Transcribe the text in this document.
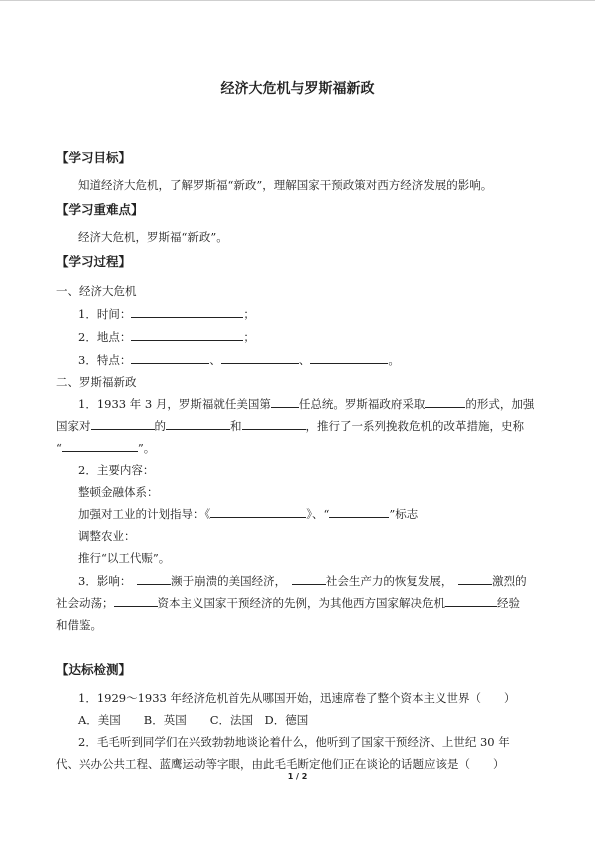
经济大危机与罗斯福新政
【学习目标】
知道经济大危机，了解罗斯福“新政”，理解国家干预政策对西方经济发展的影响。
【学习重难点】
经济大危机，罗斯福“新政”。
【学习过程】
一、经济大危机
1．时间：	；
2．地点：	；
3．特点：	、	、	。
二、罗斯福新政
1．1933 年 3 月，罗斯福就任美国第 任总统。罗斯福政府采取	的形式，加强
国家对	的	和	，推行了一系列挽救危机的改革措施，史称
“	”。
2．主要内容：
整顿金融体系：
加强对工业的计划指导：《	》、“	”标志
调整农业：
推行“以工代赈”。
3．影响：　	濒于崩溃的美国经济，　	社会生产力的恢复发展，　	激烈的
社会动荡；	资本主义国家干预经济的先例，为其他西方国家解决危机	经验
和借鉴。
【达标检测】
1．1929～1933 年经济危机首先从哪国开始，迅速席卷了整个资本主义世界（　　）
A．美国　　B．英国　　C．法国　D．德国
2．毛毛听到同学们在兴致勃勃地谈论着什么，他听到了国家干预经济、上世纪 30 年
代、兴办公共工程、蓝鹰运动等字眼，由此毛毛断定他们正在谈论的话题应该是（　　）
1 / 2
